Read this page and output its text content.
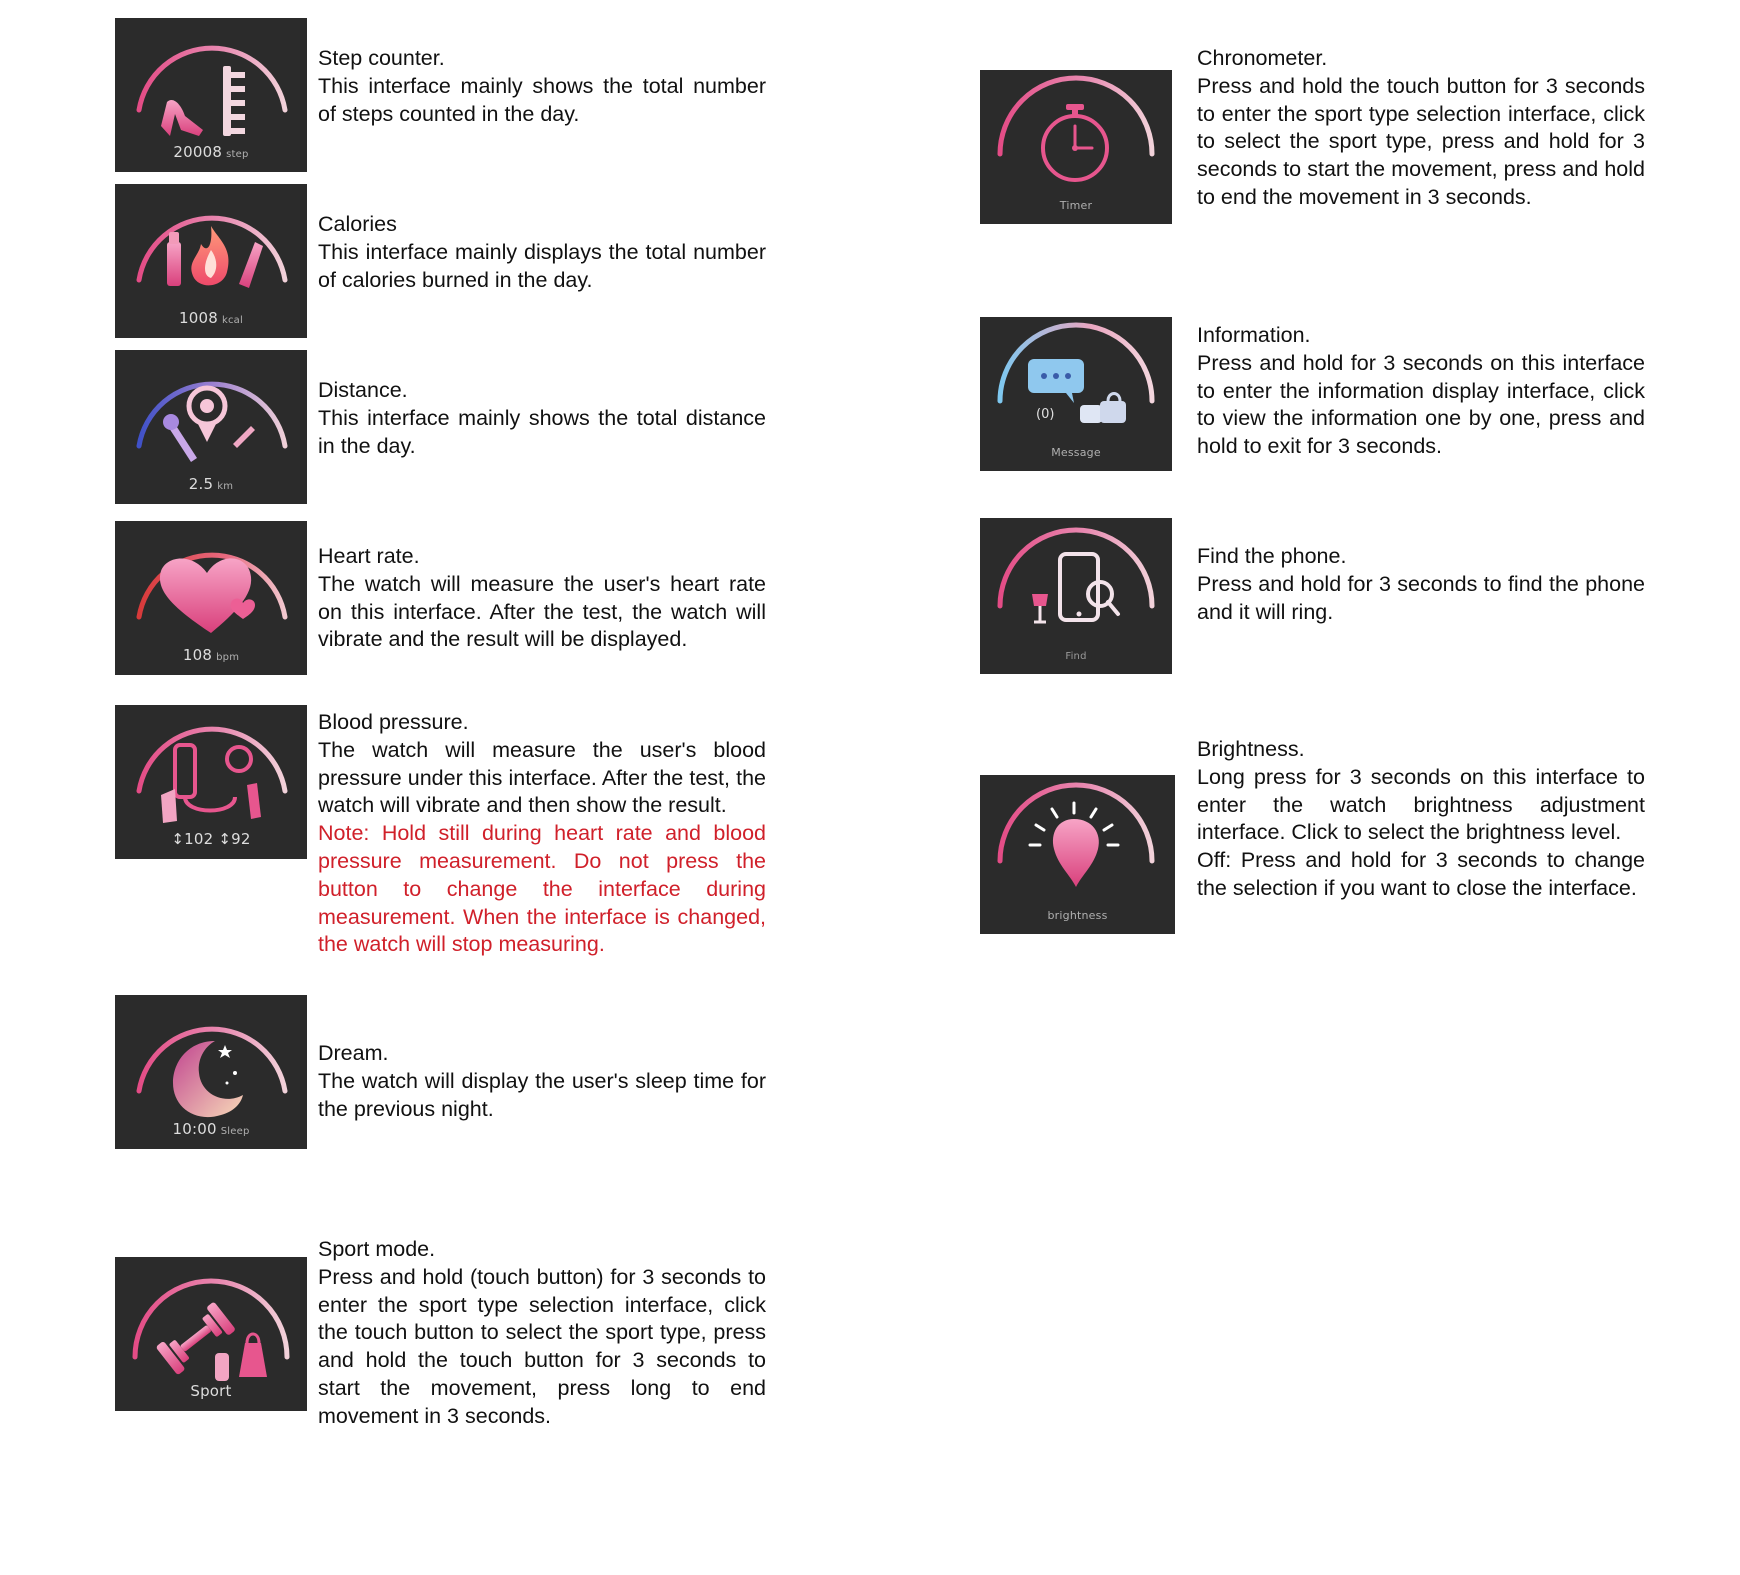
20008 step

Step counter.

This interface mainly shows the total number of steps counted in the day.

1008 kcal

Calories

This interface mainly displays the total number of calories burned in the day.

2.5 km

Distance.

This interface mainly shows the total distance in the day.

108 bpm

Heart rate.

The watch will measure the user's heart rate on this interface. After the test, the watch will vibrate and the result will be displayed.

↕102 ↕92

Blood pressure.

The watch will measure the user's blood pressure under this interface. After the test, the watch will vibrate and then show the result.

Note: Hold still during heart rate and blood pressure measurement. Do not press the button to change the interface during measurement. When the interface is changed, the watch will stop measuring.

10:00 Sleep

Dream.

The watch will display the user's sleep time for the previous night.

Sport

Sport mode.

Press and hold (touch button) for 3 seconds to enter the sport type selection interface, click the touch button to select the sport type, press and hold the touch button for 3 seconds to start the movement, press long to end movement in 3 seconds.

Timer

Chronometer.

Press and hold the touch button for 3 seconds to enter the sport type selection interface, click to select the sport type, press and hold for 3 seconds to start the movement, press and hold to end the movement in 3 seconds.

(0)
Message

Information.

Press and hold for 3 seconds on this interface to enter the information display interface, click to view the information one by one, press and hold to exit for 3 seconds.

Find

Find the phone.

Press and hold for 3 seconds to find the phone and it will ring.

brightness

Brightness.

Long press for 3 seconds on this interface to enter the watch brightness adjustment interface. Click to select the brightness level.

Off: Press and hold for 3 seconds to change the selection if you want to close the interface.
